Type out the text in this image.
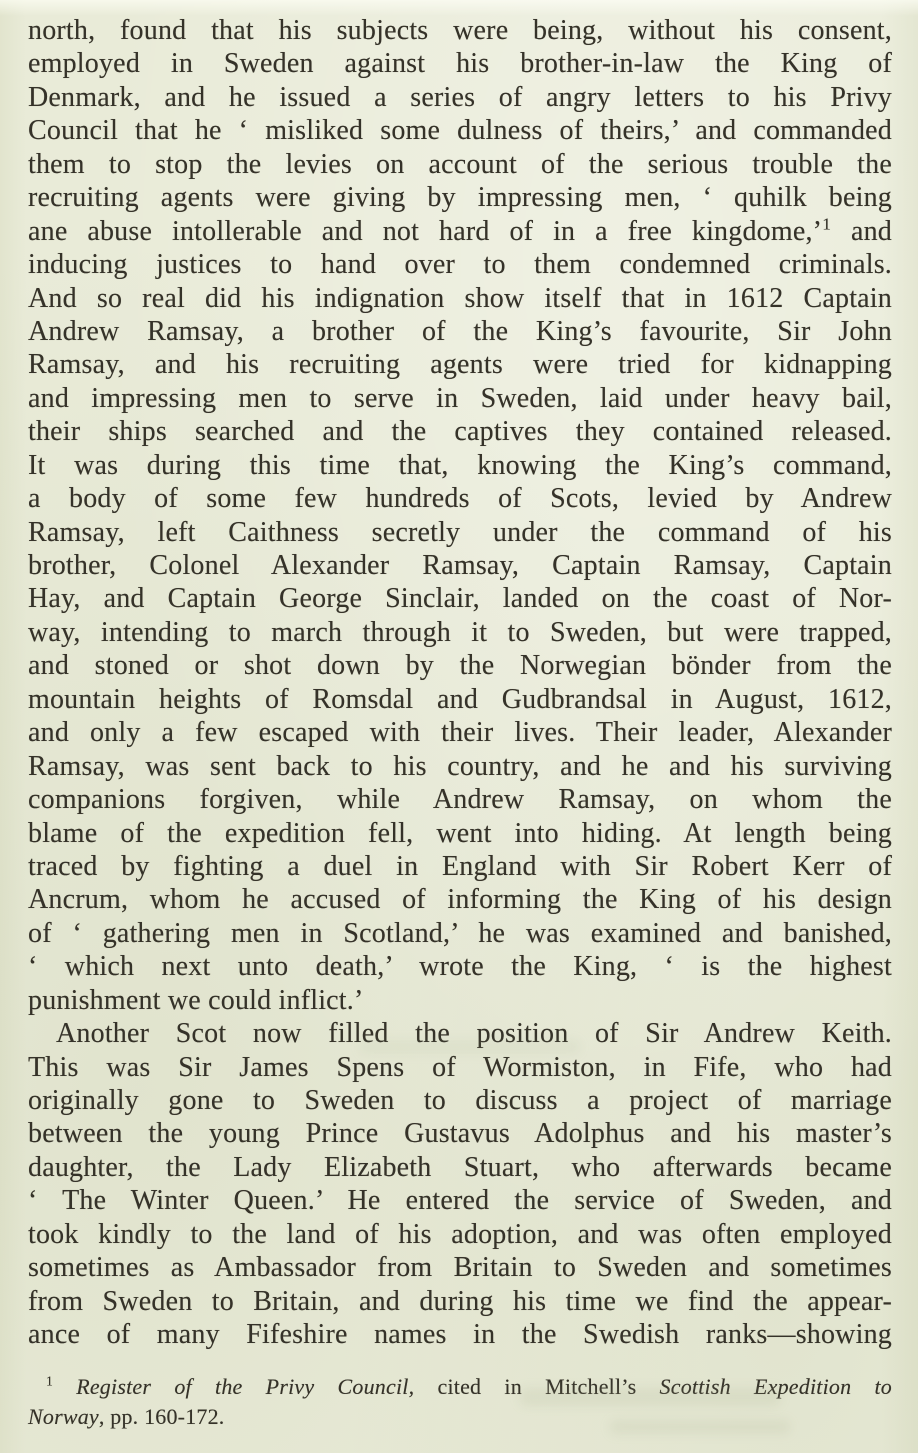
north, found that his subjects were being, without his consent,
employed in Sweden against his brother-in-law the King of
Denmark, and he issued a series of angry letters to his Privy
Council that he ‘ misliked some dulness of theirs,’ and commanded
them to stop the levies on account of the serious trouble the
recruiting agents were giving by impressing men, ‘ quhilk being
ane abuse intollerable and not hard of in a free kingdome,’$^1$ and
inducing justices to hand over to them condemned criminals.
And so real did his indignation show itself that in 1612 Captain
Andrew Ramsay, a brother of the King’s favourite, Sir John
Ramsay, and his recruiting agents were tried for kidnapping
and impressing men to serve in Sweden, laid under heavy bail,
their ships searched and the captives they contained released.
It was during this time that, knowing the King’s command,
a body of some few hundreds of Scots, levied by Andrew
Ramsay, left Caithness secretly under the command of his
brother, Colonel Alexander Ramsay, Captain Ramsay, Captain
Hay, and Captain George Sinclair, landed on the coast of Nor-
way, intending to march through it to Sweden, but were trapped,
and stoned or shot down by the Norwegian bönder from the
mountain heights of Romsdal and Gudbrandsal in August, 1612,
and only a few escaped with their lives. Their leader, Alexander
Ramsay, was sent back to his country, and he and his surviving
companions forgiven, while Andrew Ramsay, on whom the
blame of the expedition fell, went into hiding. At length being
traced by fighting a duel in England with Sir Robert Kerr of
Ancrum, whom he accused of informing the King of his design
of ‘ gathering men in Scotland,’ he was examined and banished,
‘ which next unto death,’ wrote the King, ‘ is the highest
punishment we could inflict.’
Another Scot now filled the position of Sir Andrew Keith.
This was Sir James Spens of Wormiston, in Fife, who had
originally gone to Sweden to discuss a project of marriage
between the young Prince Gustavus Adolphus and his master’s
daughter, the Lady Elizabeth Stuart, who afterwards became
‘ The Winter Queen.’ He entered the service of Sweden, and
took kindly to the land of his adoption, and was often employed
sometimes as Ambassador from Britain to Sweden and sometimes
from Sweden to Britain, and during his time we find the appear-
ance of many Fifeshire names in the Swedish ranks—showing
$^1$ Register of the Privy Council, cited in Mitchell’s Scottish Expedition to
Norway, pp. 160-172.
